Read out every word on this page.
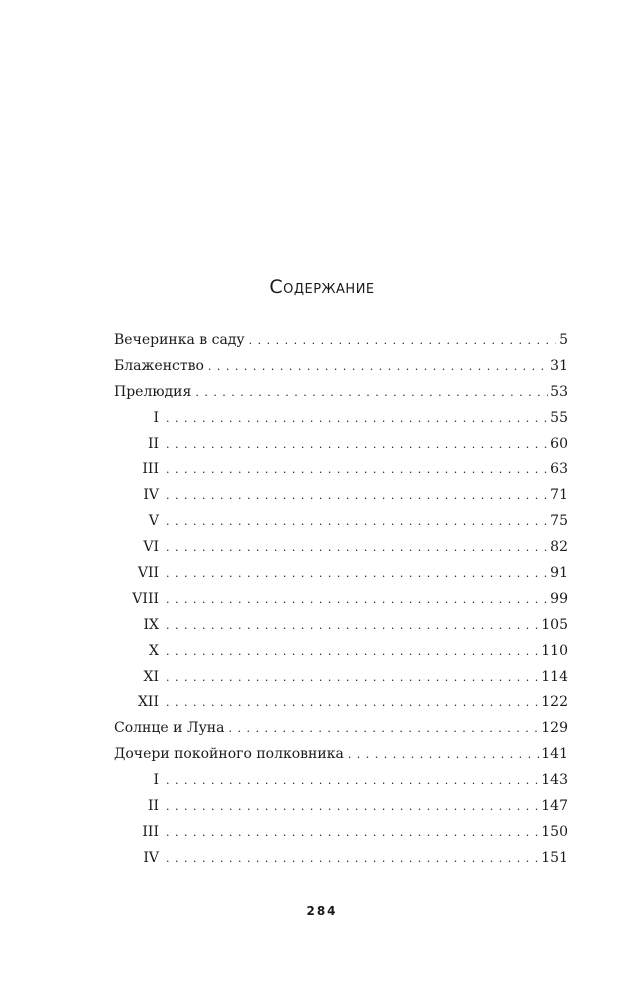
Содержание
Вечеринка в саду . . .	5
Блаженство . . .	31
Прелюдия . . .	53
I . . .	55
II . . .	60
III . . .	63
IV . . .	71
V . . .	75
VI . . .	82
VII . . .	91
VIII . . .	99
IX . . .	105
X . . .	110
XI . . .	114
XII . . .	122
Солнце и Луна . . .	129
Дочери покойного полковника . . .	141
I . . .	143
II . . .	147
III . . .	150
IV . . .	151
284
